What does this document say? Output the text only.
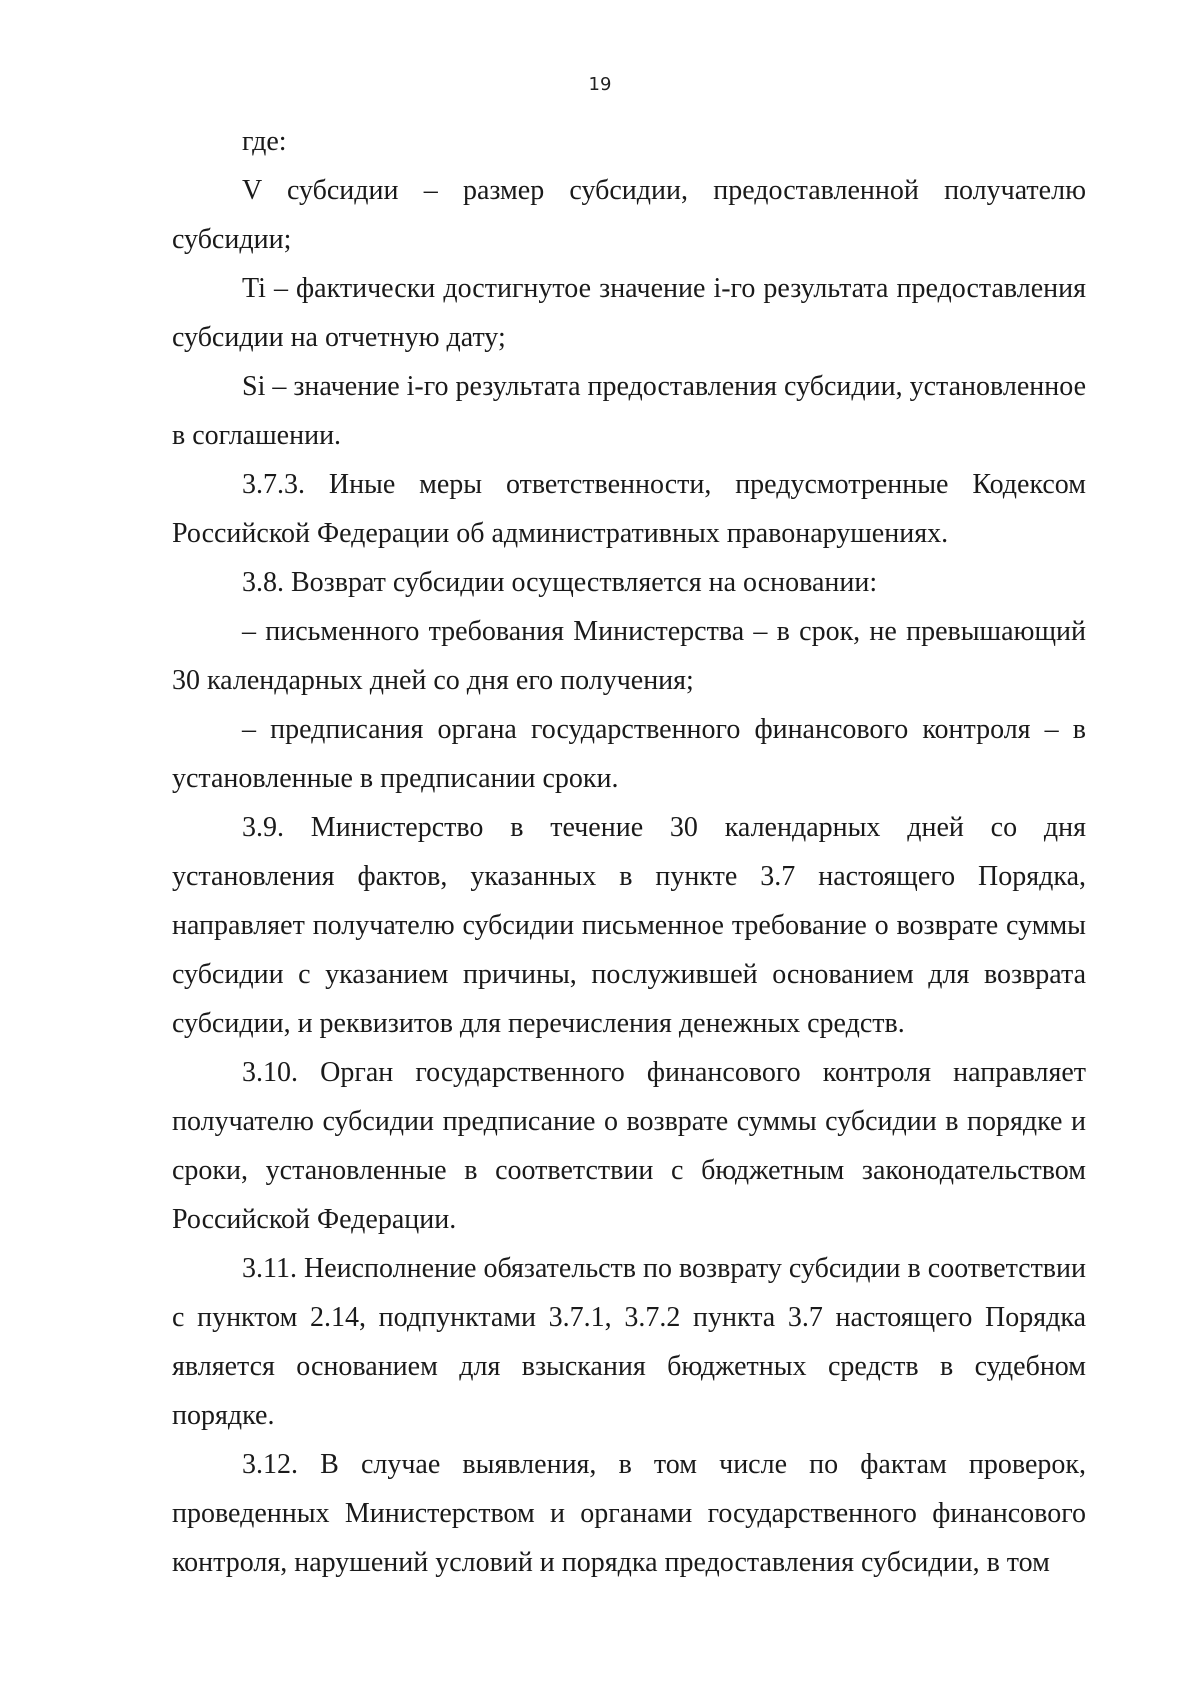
19

где:

V субсидии – размер субсидии, предоставленной получателю субсидии;

Ti – фактически достигнутое значение i-го результата предоставления субсидии на отчетную дату;

Si – значение i-го результата предоставления субсидии, установленное в соглашении.

3.7.3. Иные меры ответственности, предусмотренные Кодексом Российской Федерации об административных правонарушениях.

3.8. Возврат субсидии осуществляется на основании:

– письменного требования Министерства – в срок, не превышающий 30 календарных дней со дня его получения;

– предписания органа государственного финансового контроля – в установленные в предписании сроки.

3.9. Министерство в течение 30 календарных дней со дня установления фактов, указанных в пункте 3.7 настоящего Порядка, направляет получателю субсидии письменное требование о возврате суммы субсидии с указанием причины, послужившей основанием для возврата субсидии, и реквизитов для перечисления денежных средств.

3.10. Орган государственного финансового контроля направляет получателю субсидии предписание о возврате суммы субсидии в порядке и сроки, установленные в соответствии с бюджетным законодательством Российской Федерации.

3.11. Неисполнение обязательств по возврату субсидии в соответствии с пунктом 2.14, подпунктами 3.7.1, 3.7.2 пункта 3.7 настоящего Порядка является основанием для взыскания бюджетных средств в судебном порядке.

3.12. В случае выявления, в том числе по фактам проверок, проведенных Министерством и органами государственного финансового контроля, нарушений условий и порядка предоставления субсидии, в том
